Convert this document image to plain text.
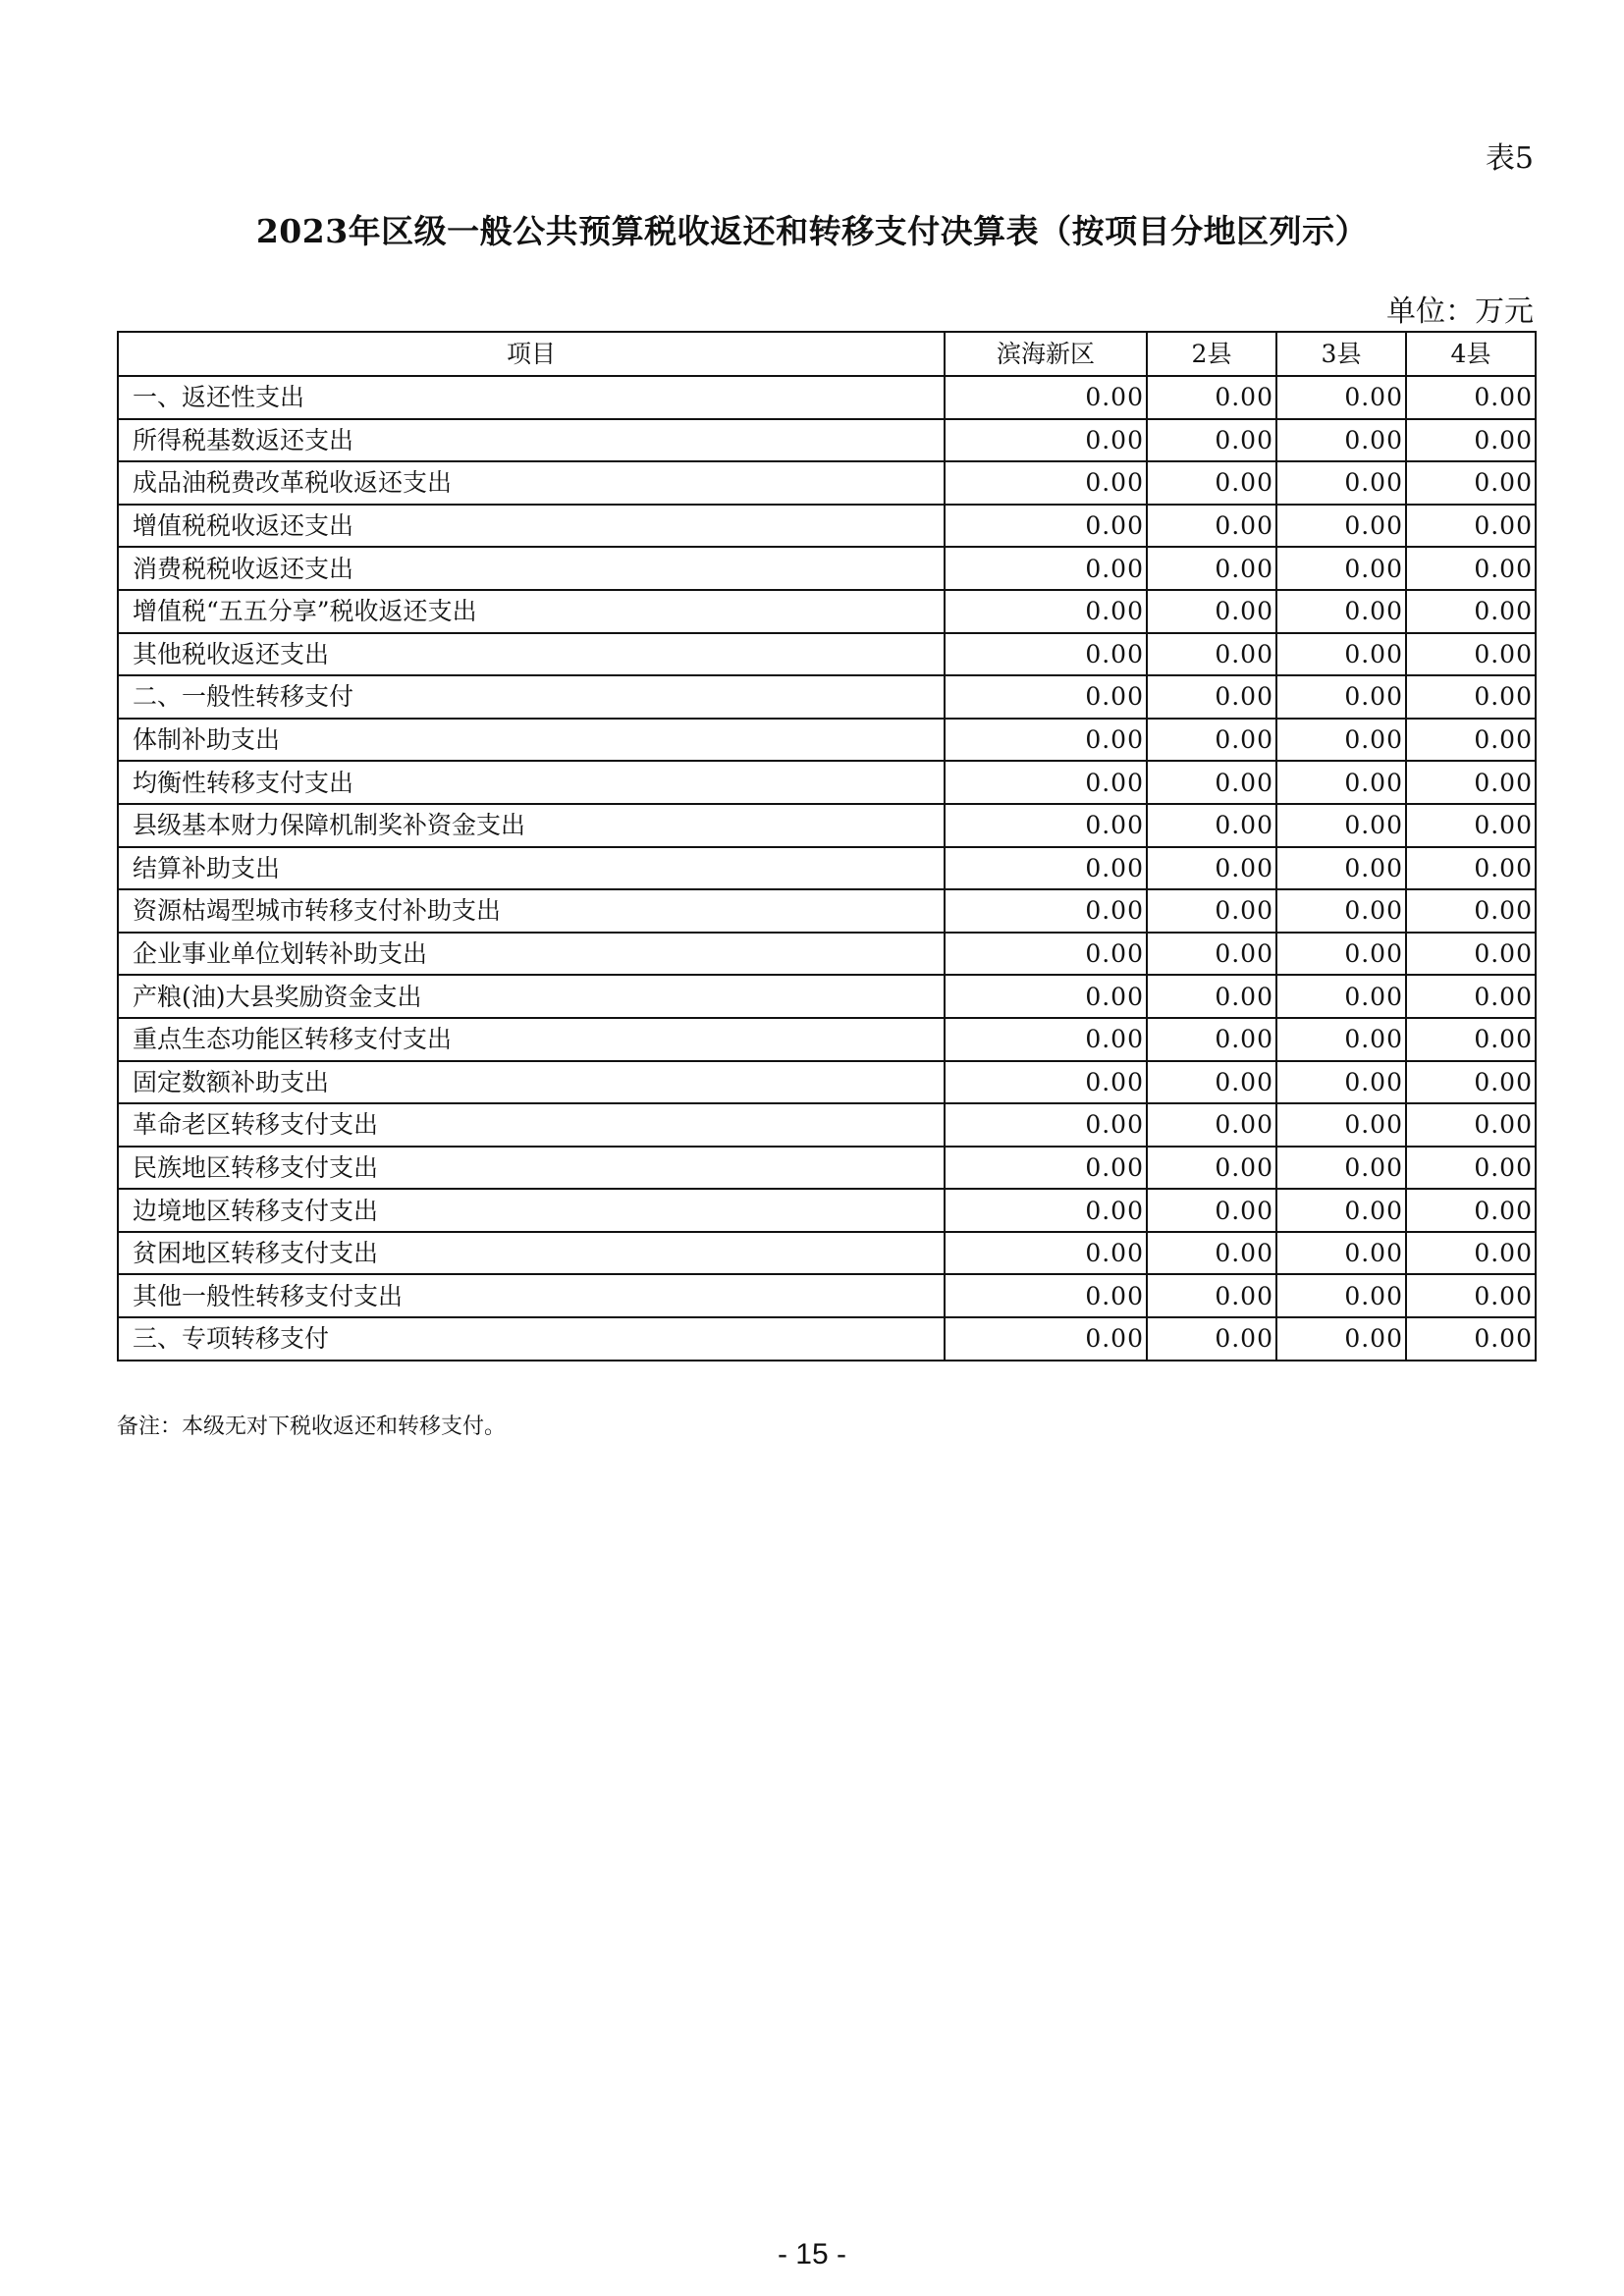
表5
2023年区级一般公共预算税收返还和转移支付决算表（按项目分地区列示）
单位：万元
项目	滨海新区	2县	3县	4县
一、返还性支出	0.00	0.00	0.00	0.00
所得税基数返还支出	0.00	0.00	0.00	0.00
成品油税费改革税收返还支出	0.00	0.00	0.00	0.00
增值税税收返还支出	0.00	0.00	0.00	0.00
消费税税收返还支出	0.00	0.00	0.00	0.00
增值税“五五分享”税收返还支出	0.00	0.00	0.00	0.00
其他税收返还支出	0.00	0.00	0.00	0.00
二、一般性转移支付	0.00	0.00	0.00	0.00
体制补助支出	0.00	0.00	0.00	0.00
均衡性转移支付支出	0.00	0.00	0.00	0.00
县级基本财力保障机制奖补资金支出	0.00	0.00	0.00	0.00
结算补助支出	0.00	0.00	0.00	0.00
资源枯竭型城市转移支付补助支出	0.00	0.00	0.00	0.00
企业事业单位划转补助支出	0.00	0.00	0.00	0.00
产粮(油)大县奖励资金支出	0.00	0.00	0.00	0.00
重点生态功能区转移支付支出	0.00	0.00	0.00	0.00
固定数额补助支出	0.00	0.00	0.00	0.00
革命老区转移支付支出	0.00	0.00	0.00	0.00
民族地区转移支付支出	0.00	0.00	0.00	0.00
边境地区转移支付支出	0.00	0.00	0.00	0.00
贫困地区转移支付支出	0.00	0.00	0.00	0.00
其他一般性转移支付支出	0.00	0.00	0.00	0.00
三、专项转移支付	0.00	0.00	0.00	0.00
备注：本级无对下税收返还和转移支付。
- 15 -
